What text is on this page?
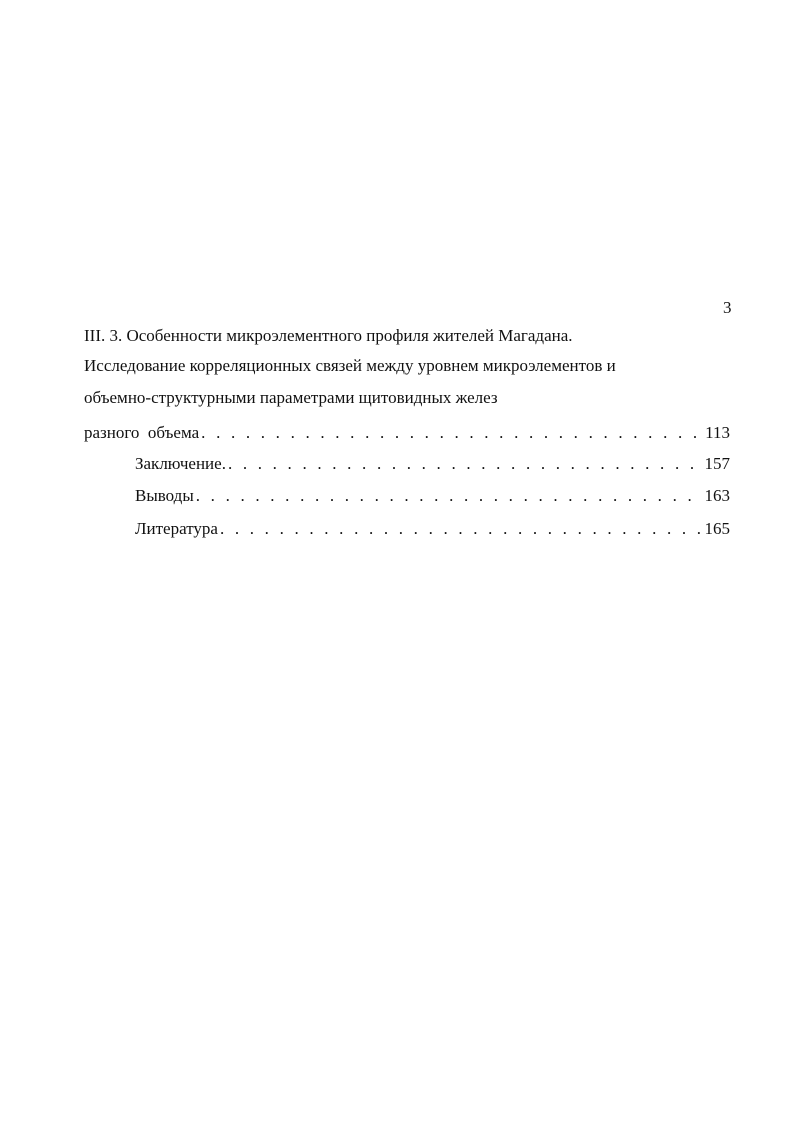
3
III. 3. Особенности микроэлементного профиля жителей Магадана.
Исследование корреляционных связей между уровнем микроэлементов и
объемно-структурными параметрами щитовидных желез
разного  объема . . .	113
Заключение. . . .	157
Выводы . . .	163
Литература . . .	165
